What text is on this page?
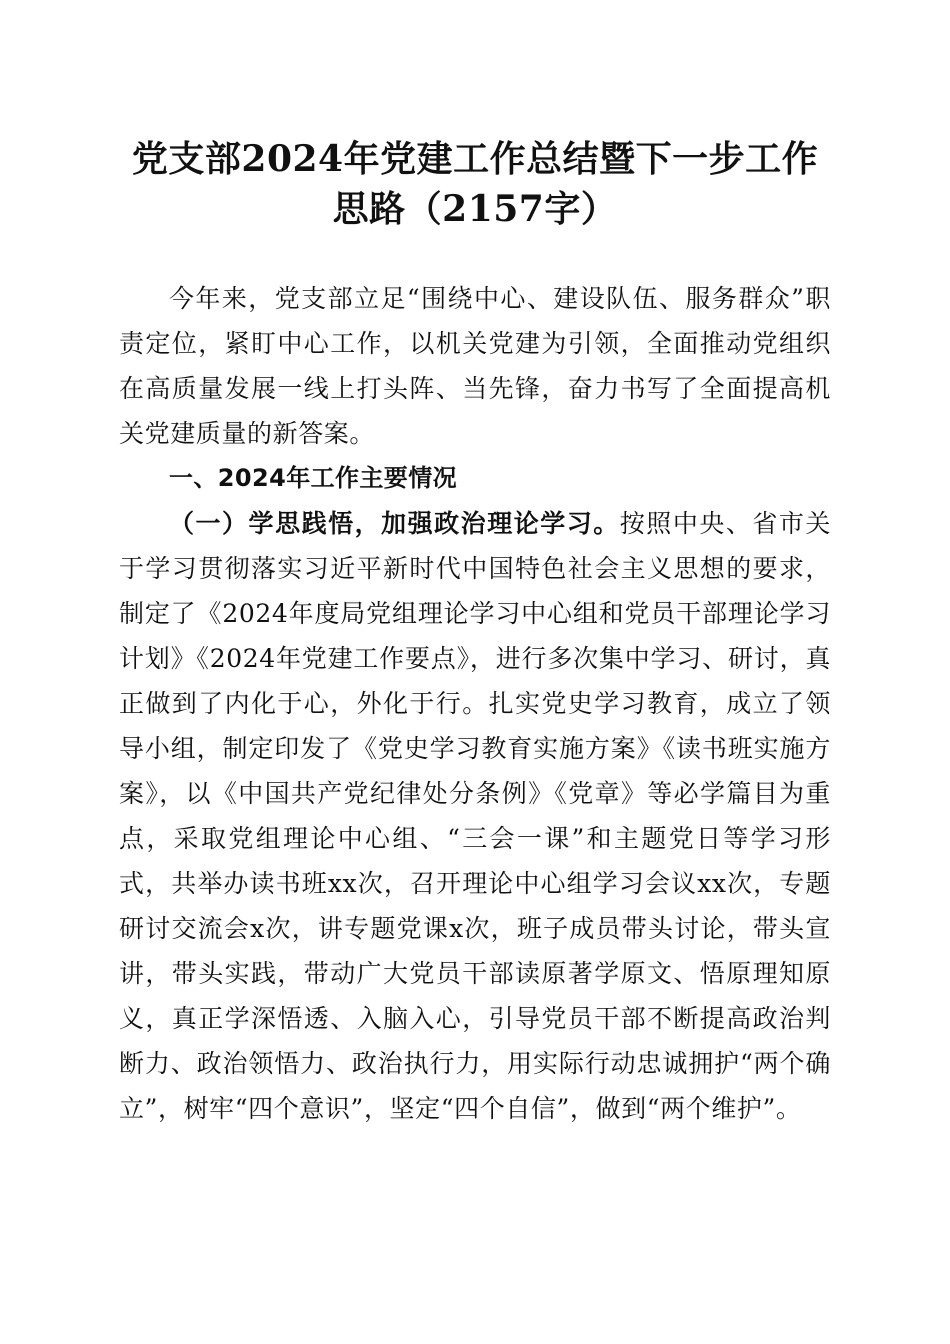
党支部2024年党建工作总结暨下一步工作思路（2157字）

今年来，党支部立足“围绕中心、建设队伍、服务群众”职责定位，紧盯中心工作，以机关党建为引领，全面推动党组织在高质量发展一线上打头阵、当先锋，奋力书写了全面提高机关党建质量的新答案。

一、2024年工作主要情况

（一）学思践悟，加强政治理论学习。按照中央、省市关于学习贯彻落实习近平新时代中国特色社会主义思想的要求，制定了《2024年度局党组理论学习中心组和党员干部理论学习计划》《2024年党建工作要点》，进行多次集中学习、研讨，真正做到了内化于心，外化于行。扎实党史学习教育，成立了领导小组，制定印发了《党史学习教育实施方案》《读书班实施方案》，以《中国共产党纪律处分条例》《党章》等必学篇目为重点，采取党组理论中心组、“三会一课”和主题党日等学习形式，共举办读书班xx次，召开理论中心组学习会议xx次，专题研讨交流会x次，讲专题党课x次，班子成员带头讨论，带头宣讲，带头实践，带动广大党员干部读原著学原文、悟原理知原义，真正学深悟透、入脑入心，引导党员干部不断提高政治判断力、政治领悟力、政治执行力，用实际行动忠诚拥护“两个确立”，树牢“四个意识”，坚定“四个自信”，做到“两个维护”。
